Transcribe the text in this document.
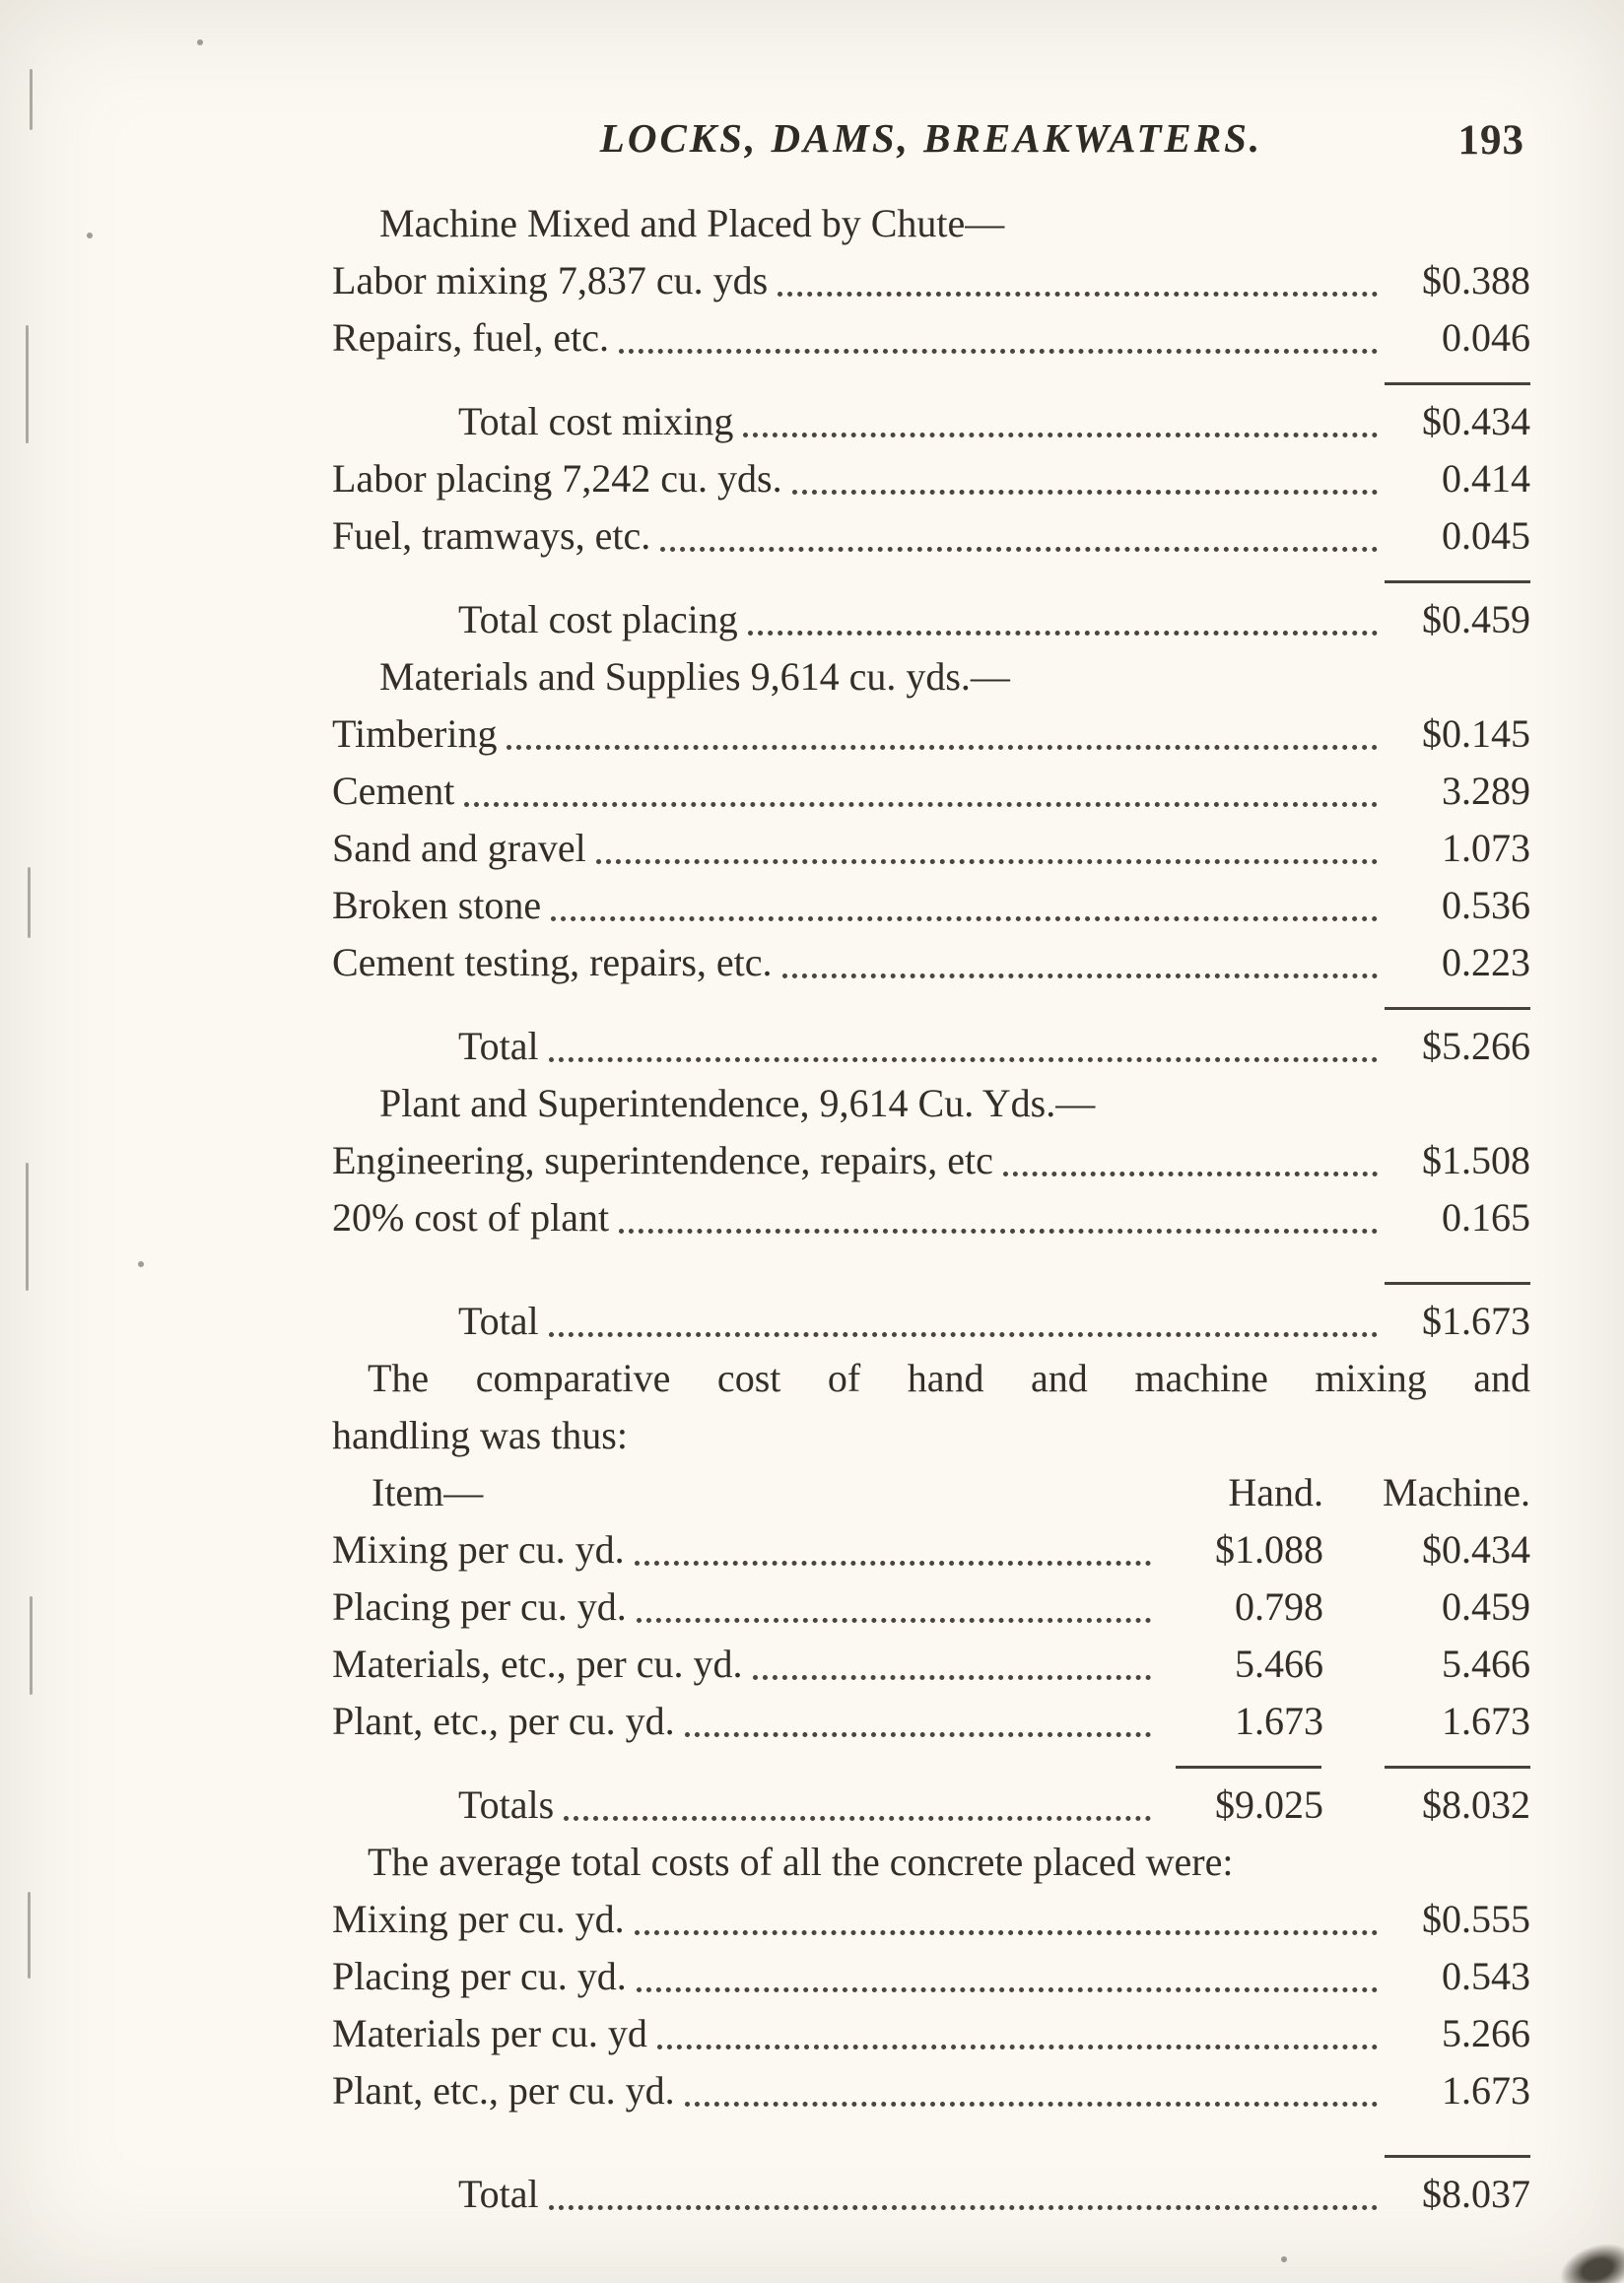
LOCKS, DAMS, BREAKWATERS.	193
Machine Mixed and Placed by Chute—
Labor mixing 7,837 cu. yds	$0.388
Repairs, fuel, etc.	0.046
Total cost mixing	$0.434
Labor placing 7,242 cu. yds.	0.414
Fuel, tramways, etc.	0.045
Total cost placing	$0.459
Materials and Supplies 9,614 cu. yds.—
Timbering	$0.145
Cement	3.289
Sand and gravel	1.073
Broken stone	0.536
Cement testing, repairs, etc.	0.223
Total	$5.266
Plant and Superintendence, 9,614 Cu. Yds.—
Engineering, superintendence, repairs, etc	$1.508
20% cost of plant	0.165
Total	$1.673
The comparative cost of hand and machine mixing and
handling was thus:
Item—	Hand.	Machine.
Mixing per cu. yd.	$1.088	$0.434
Placing per cu. yd.	0.798	0.459
Materials, etc., per cu. yd.	5.466	5.466
Plant, etc., per cu. yd.	1.673	1.673
Totals	$9.025	$8.032
The average total costs of all the concrete placed were:
Mixing per cu. yd.	$0.555
Placing per cu. yd.	0.543
Materials per cu. yd	5.266
Plant, etc., per cu. yd.	1.673
Total	$8.037
